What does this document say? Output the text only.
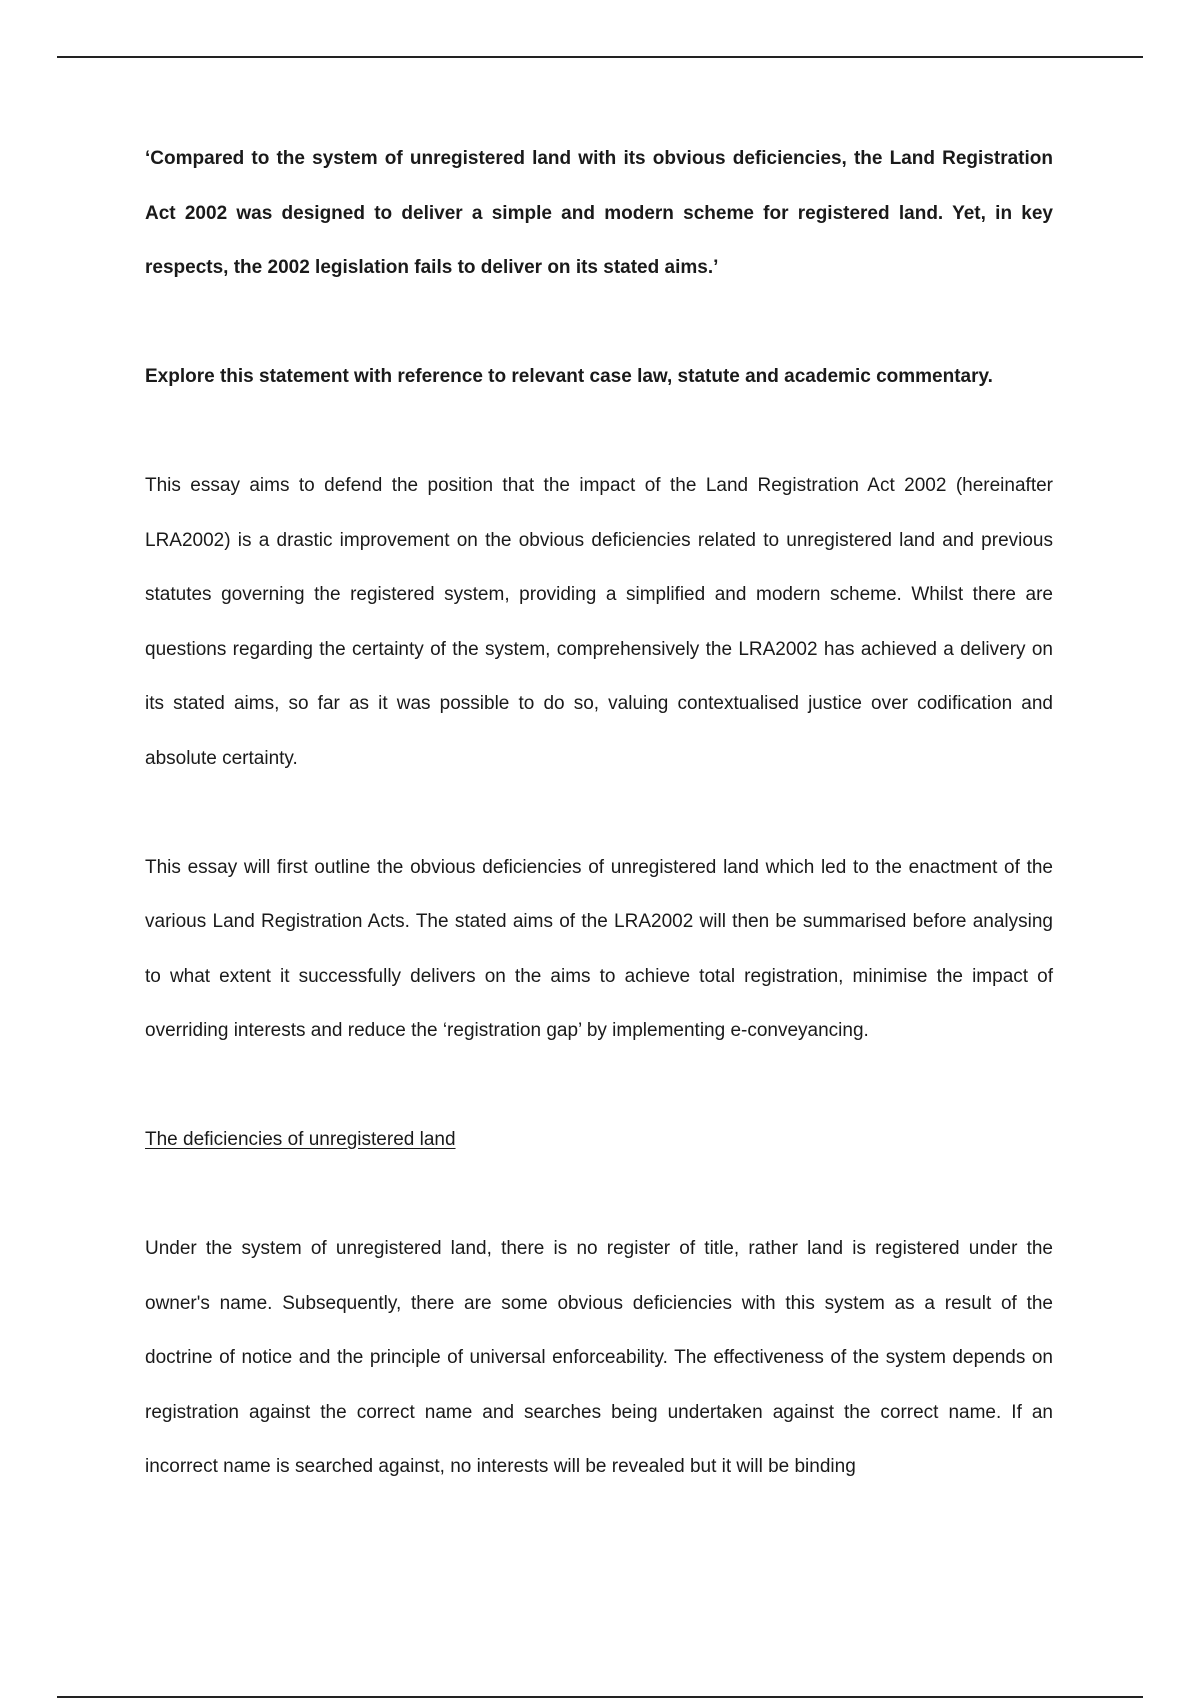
‘Compared to the system of unregistered land with its obvious deficiencies, the Land Registration Act 2002 was designed to deliver a simple and modern scheme for registered land. Yet, in key respects, the 2002 legislation fails to deliver on its stated aims.’

Explore this statement with reference to relevant case law, statute and academic commentary.

This essay aims to defend the position that the impact of the Land Registration Act 2002 (hereinafter LRA2002) is a drastic improvement on the obvious deficiencies related to unregistered land and previous statutes governing the registered system, providing a simplified and modern scheme. Whilst there are questions regarding the certainty of the system, comprehensively the LRA2002 has achieved a delivery on its stated aims, so far as it was possible to do so, valuing contextualised justice over codification and absolute certainty.

This essay will first outline the obvious deficiencies of unregistered land which led to the enactment of the various Land Registration Acts. The stated aims of the LRA2002 will then be summarised before analysing to what extent it successfully delivers on the aims to achieve total registration, minimise the impact of overriding interests and reduce the ‘registration gap’ by implementing e-conveyancing.

The deficiencies of unregistered land

Under the system of unregistered land, there is no register of title, rather land is registered under the owner's name. Subsequently, there are some obvious deficiencies with this system as a result of the doctrine of notice and the principle of universal enforceability. The effectiveness of the system depends on registration against the correct name and searches being undertaken against the correct name. If an incorrect name is searched against, no interests will be revealed but it will be binding
